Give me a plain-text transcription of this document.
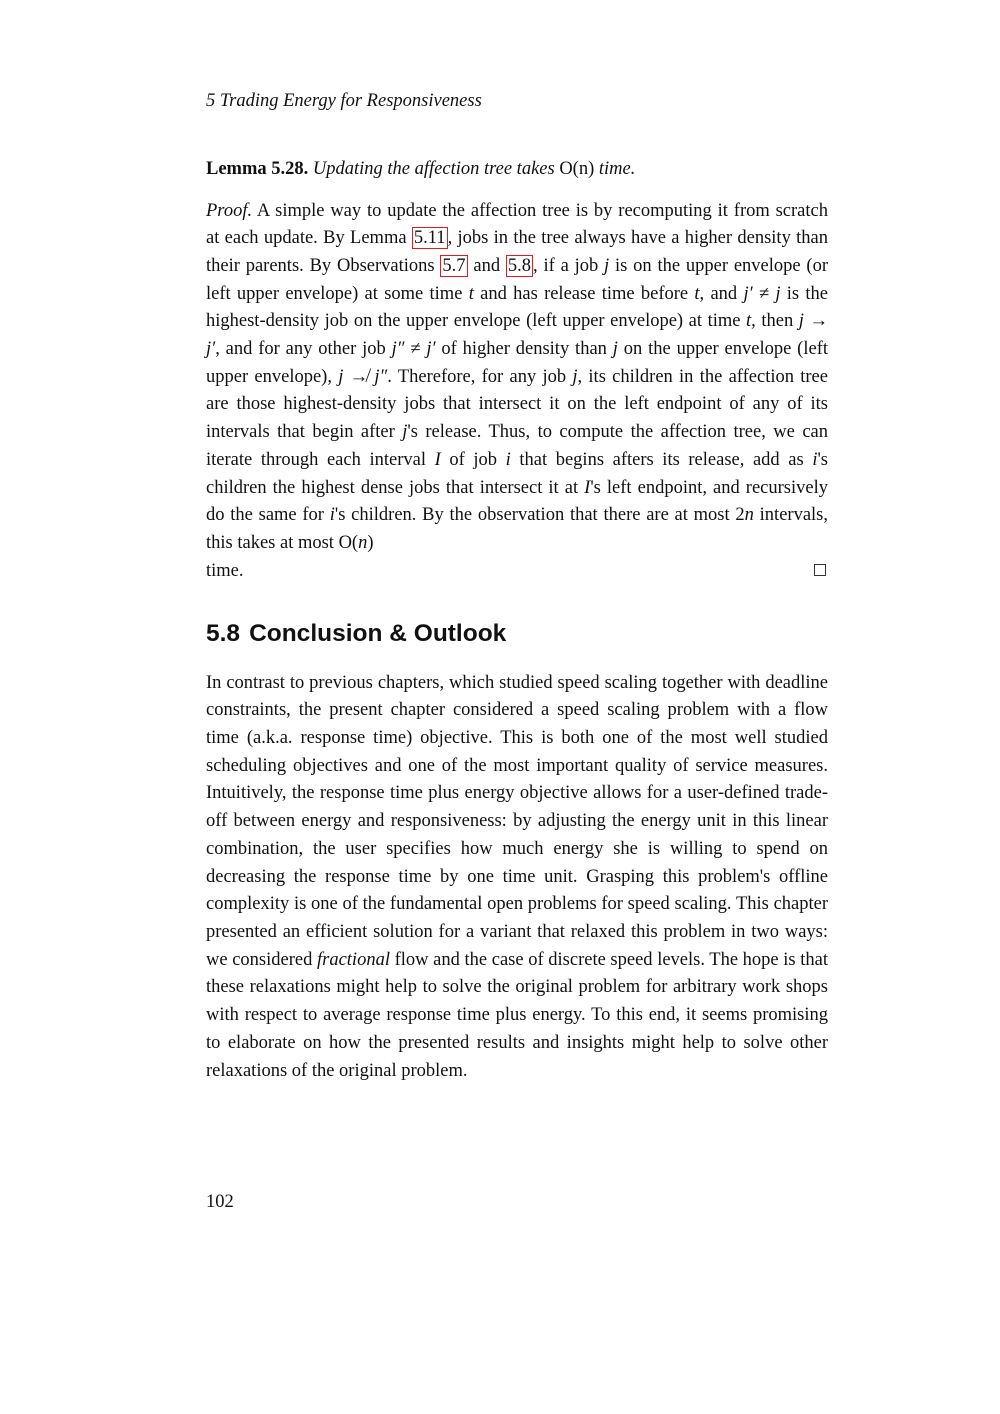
5 Trading Energy for Responsiveness

Lemma 5.28. Updating the affection tree takes O(n) time.
Proof. A simple way to update the affection tree is by recomputing it from scratch at each update. By Lemma 5.11 , jobs in the tree always have a higher density than their parents. By Observations 5.7 and 5.8 , if a job j is on the upper envelope (or left upper envelope) at some time t and has release time before t, and j′ ≠ j is the highest-density job on the upper envelope (left upper envelope) at time t, then j → j′, and for any other job j″ ≠ j′ of higher density than j on the upper envelope (left upper envelope), j ↛ j″. Therefore, for any job j, its children in the affection tree are those highest-density jobs that intersect it on the left endpoint of any of its intervals that begin after j's release. Thus, to compute the affection tree, we can iterate through each interval I of job i that begins afters its release, add as i's children the highest dense jobs that intersect it at I's left endpoint, and recursively do the same for i's children. By the observation that there are at most 2n intervals, this takes at most O(n)
time.
5.8 Conclusion & Outlook

In contrast to previous chapters, which studied speed scaling together with deadline constraints, the present chapter considered a speed scaling problem with a flow time (a.k.a. response time) objective. This is both one of the most well studied scheduling objectives and one of the most important quality of service measures. Intuitively, the response time plus energy objective allows for a user-defined trade-off between energy and responsiveness: by adjusting the energy unit in this linear combination, the user specifies how much energy she is willing to spend on decreasing the response time by one time unit. Grasping this problem's offline complexity is one of the fundamental open problems for speed scaling. This chapter presented an efficient solution for a variant that relaxed this problem in two ways: we considered fractional flow and the case of discrete speed levels. The hope is that these relaxations might help to solve the original problem for arbitrary work shops with respect to average response time plus energy. To this end, it seems promising to elaborate on how the presented results and insights might help to solve other relaxations of the original problem.

102
